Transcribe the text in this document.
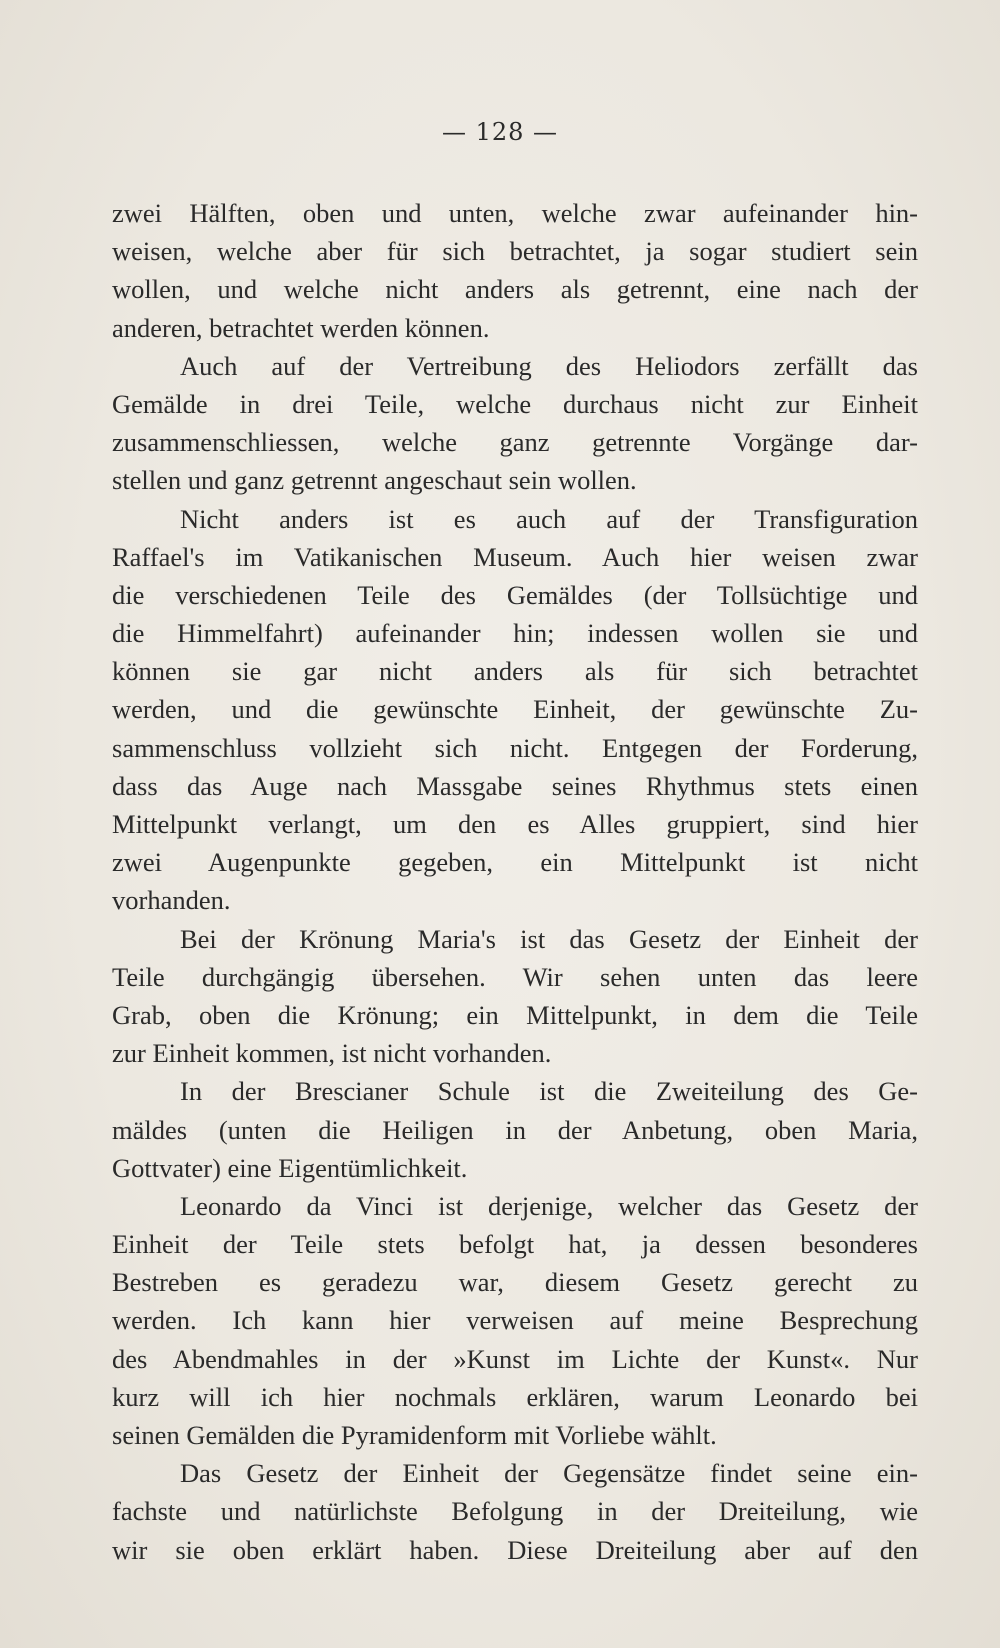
— 128 —
zwei Hälften, oben und unten, welche zwar aufeinander hin-
weisen, welche aber für sich betrachtet, ja sogar studiert sein
wollen, und welche nicht anders als getrennt, eine nach der
anderen, betrachtet werden können.
Auch auf der Vertreibung des Heliodors zerfällt das
Gemälde in drei Teile, welche durchaus nicht zur Einheit
zusammenschliessen, welche ganz getrennte Vorgänge dar-
stellen und ganz getrennt angeschaut sein wollen.
Nicht anders ist es auch auf der Transfiguration
Raffael's im Vatikanischen Museum. Auch hier weisen zwar
die verschiedenen Teile des Gemäldes (der Tollsüchtige und
die Himmelfahrt) aufeinander hin; indessen wollen sie und
können sie gar nicht anders als für sich betrachtet
werden, und die gewünschte Einheit, der gewünschte Zu-
sammenschluss vollzieht sich nicht. Entgegen der Forderung,
dass das Auge nach Massgabe seines Rhythmus stets einen
Mittelpunkt verlangt, um den es Alles gruppiert, sind hier
zwei Augenpunkte gegeben, ein Mittelpunkt ist nicht
vorhanden.
Bei der Krönung Maria's ist das Gesetz der Einheit der
Teile durchgängig übersehen. Wir sehen unten das leere
Grab, oben die Krönung; ein Mittelpunkt, in dem die Teile
zur Einheit kommen, ist nicht vorhanden.
In der Brescianer Schule ist die Zweiteilung des Ge-
mäldes (unten die Heiligen in der Anbetung, oben Maria,
Gottvater) eine Eigentümlichkeit.
Leonardo da Vinci ist derjenige, welcher das Gesetz der
Einheit der Teile stets befolgt hat, ja dessen besonderes
Bestreben es geradezu war, diesem Gesetz gerecht zu
werden. Ich kann hier verweisen auf meine Besprechung
des Abendmahles in der »Kunst im Lichte der Kunst«. Nur
kurz will ich hier nochmals erklären, warum Leonardo bei
seinen Gemälden die Pyramidenform mit Vorliebe wählt.
Das Gesetz der Einheit der Gegensätze findet seine ein-
fachste und natürlichste Befolgung in der Dreiteilung, wie
wir sie oben erklärt haben. Diese Dreiteilung aber auf den
